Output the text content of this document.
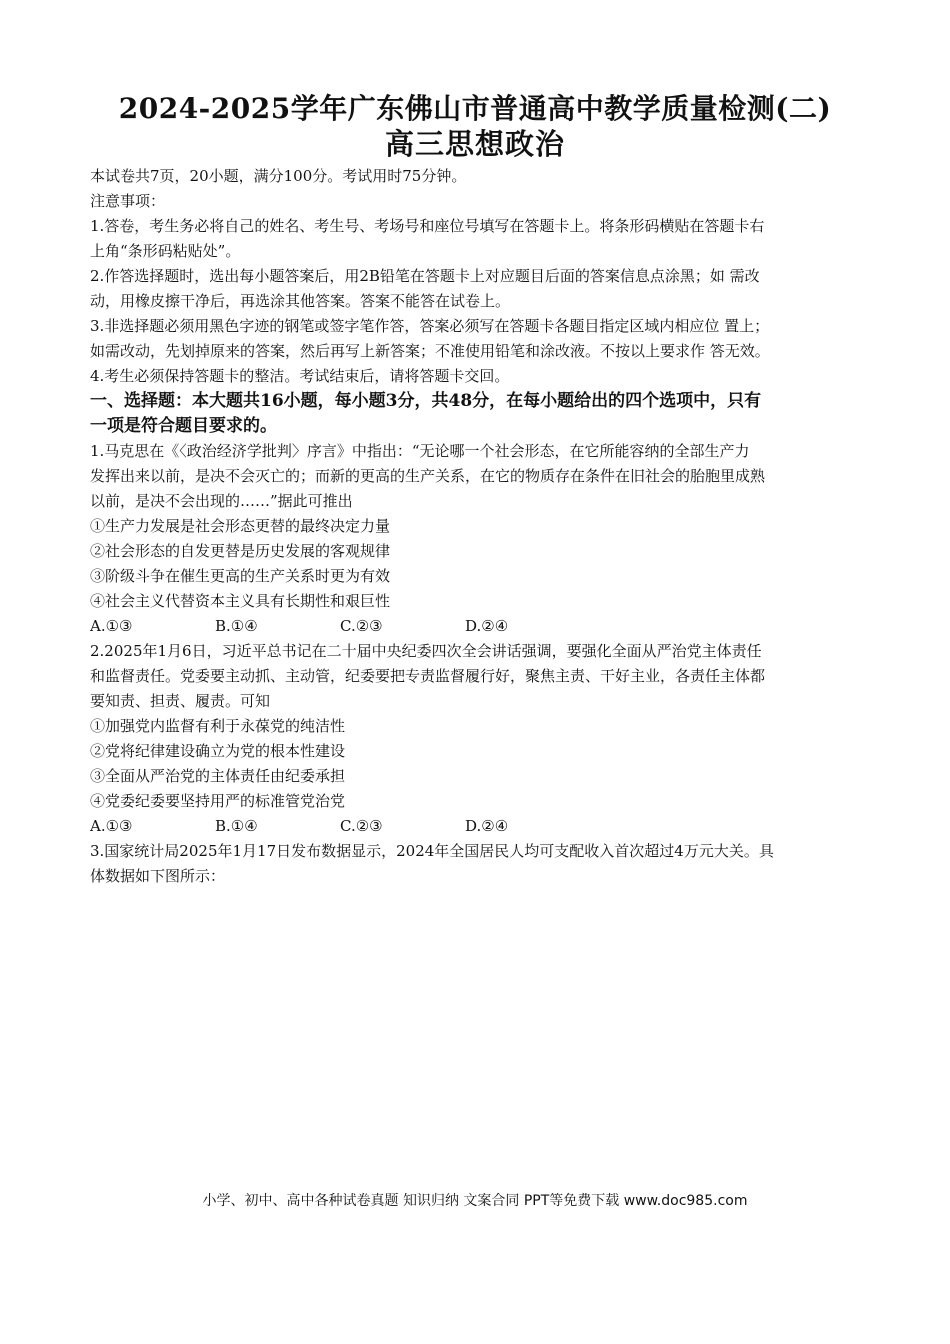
2024-2025学年广东佛山市普通高中教学质量检测(二)
高三思想政治
本试卷共7页，20小题，满分100分。考试用时75分钟。
注意事项：
1.答卷，考生务必将自己的姓名、考生号、考场号和座位号填写在答题卡上。将条形码横贴在答题卡右
上角“条形码粘贴处”。
2.作答选择题时，选出每小题答案后，用2B铅笔在答题卡上对应题目后面的答案信息点涂黑；如 需改
动，用橡皮擦干净后，再选涂其他答案。答案不能答在试卷上。
3.非选择题必须用黑色字迹的钢笔或签字笔作答，答案必须写在答题卡各题目指定区域内相应位 置上；
如需改动，先划掉原来的答案，然后再写上新答案；不准使用铅笔和涂改液。不按以上要求作 答无效。
4.考生必须保持答题卡的整洁。考试结束后，请将答题卡交回。
一、选择题：本大题共16小题，每小题3分，共48分，在每小题给出的四个选项中，只有
一项是符合题目要求的。
1.马克思在《〈政治经济学批判〉序言》中指出：“无论哪一个社会形态，在它所能容纳的全部生产力
发挥出来以前，是决不会灭亡的；而新的更高的生产关系，在它的物质存在条件在旧社会的胎胞里成熟
以前，是决不会出现的……”据此可推出
①生产力发展是社会形态更替的最终决定力量
②社会形态的自发更替是历史发展的客观规律
③阶级斗争在催生更高的生产关系时更为有效
④社会主义代替资本主义具有长期性和艰巨性
A.①③	B.①④	C.②③	D.②④
2.2025年1月6日，习近平总书记在二十届中央纪委四次全会讲话强调，要强化全面从严治党主体责任
和监督责任。党委要主动抓、主动管，纪委要把专责监督履行好，聚焦主责、干好主业，各责任主体都
要知责、担责、履责。可知
①加强党内监督有利于永葆党的纯洁性
②党将纪律建设确立为党的根本性建设
③全面从严治党的主体责任由纪委承担
④党委纪委要坚持用严的标准管党治党
A.①③	B.①④	C.②③	D.②④
3.国家统计局2025年1月17日发布数据显示，2024年全国居民人均可支配收入首次超过4万元大关。具
体数据如下图所示：
小学、初中、高中各种试卷真题 知识归纳 文案合同 PPT等免费下载 www.doc985.com
